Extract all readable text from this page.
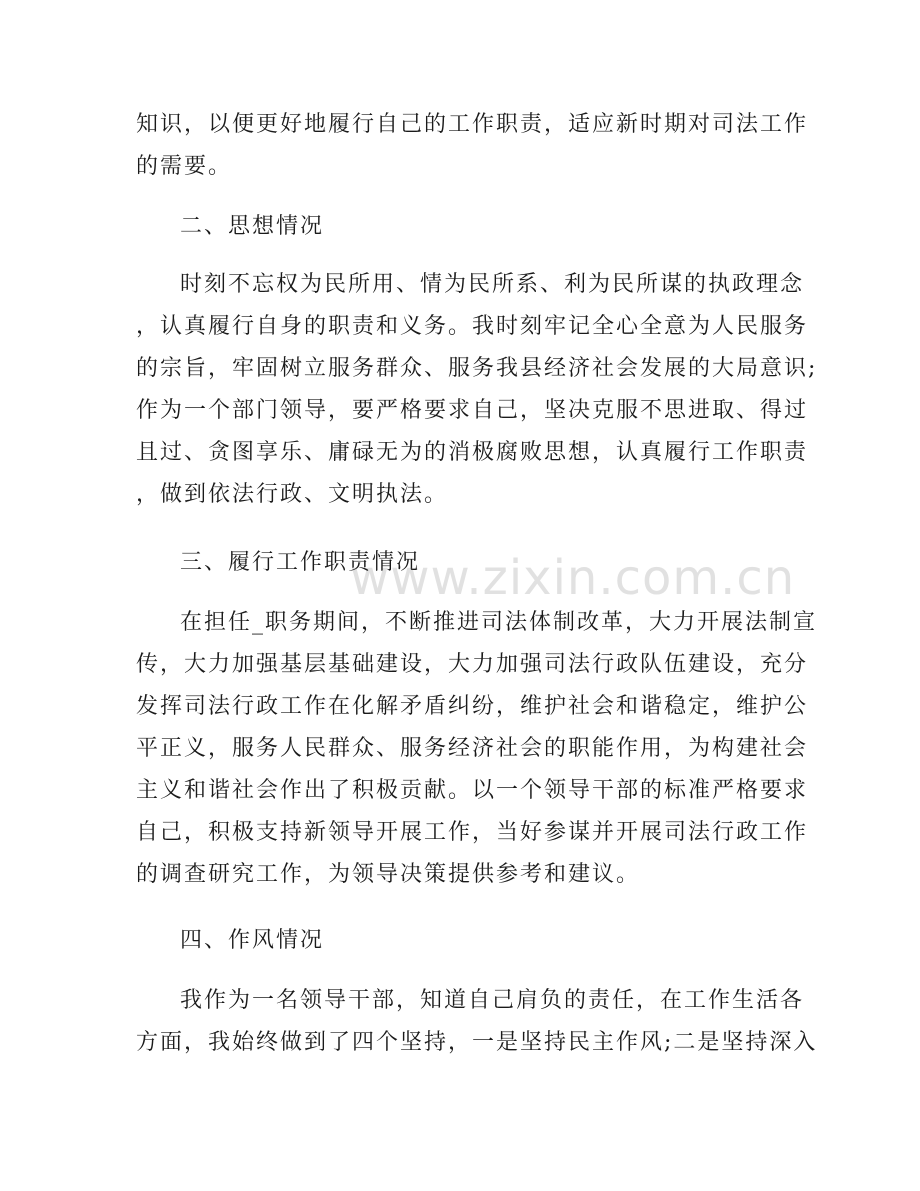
知识，以便更好地履行自己的工作职责，适应新时期对司法工作
的需要。
二、思想情况
时刻不忘权为民所用、情为民所系、利为民所谋的执政理念
，认真履行自身的职责和义务。我时刻牢记全心全意为人民服务
的宗旨，牢固树立服务群众、服务我县经济社会发展的大局意识;
作为一个部门领导，要严格要求自己，坚决克服不思进取、得过
且过、贪图享乐、庸碌无为的消极腐败思想，认真履行工作职责
，做到依法行政、文明执法。
三、履行工作职责情况
在担任_职务期间，不断推进司法体制改革，大力开展法制宣
传，大力加强基层基础建设，大力加强司法行政队伍建设，充分
发挥司法行政工作在化解矛盾纠纷，维护社会和谐稳定，维护公
平正义，服务人民群众、服务经济社会的职能作用，为构建社会
主义和谐社会作出了积极贡献。以一个领导干部的标准严格要求
自己，积极支持新领导开展工作，当好参谋并开展司法行政工作
的调查研究工作，为领导决策提供参考和建议。
四、作风情况
我作为一名领导干部，知道自己肩负的责任，在工作生活各
方面，我始终做到了四个坚持，一是坚持民主作风;二是坚持深入
www.zixin.com.cn
